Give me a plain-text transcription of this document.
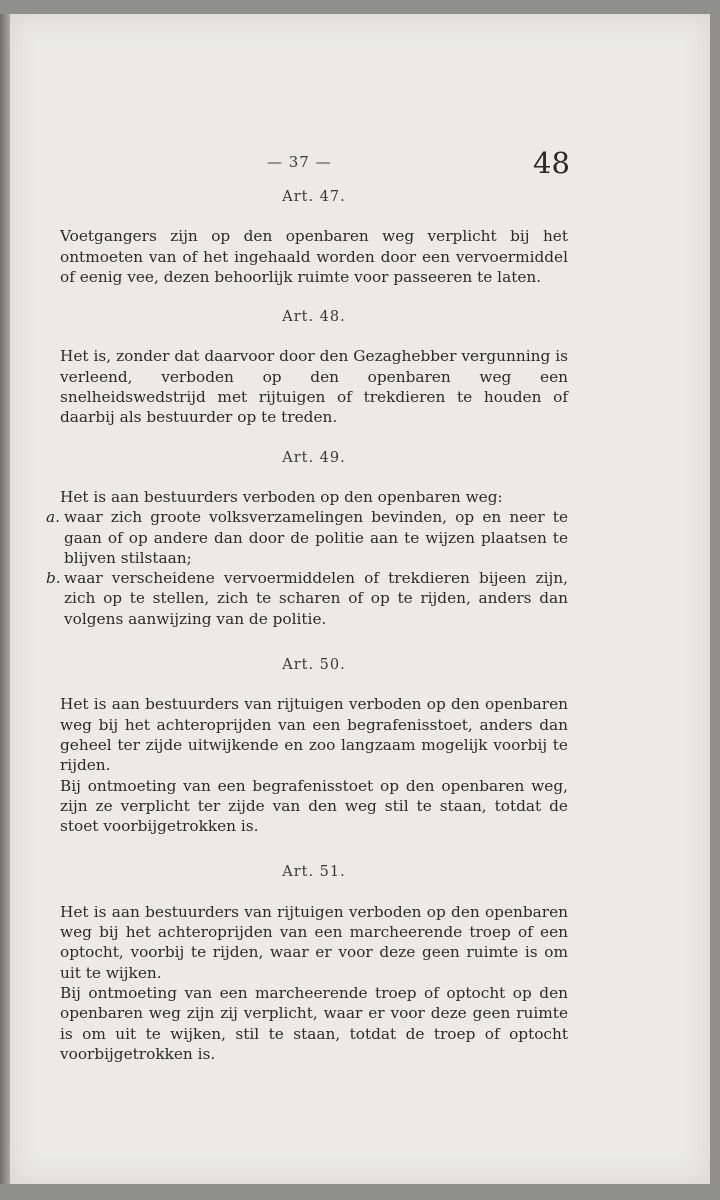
— 37 —	48
Art. 47.

Voetgangers zijn op den openbaren weg verplicht bij het ontmoeten van of het ingehaald worden door een vervoermiddel of eenig vee, dezen behoorlijk ruimte voor passeeren te laten.

Art. 48.

Het is, zonder dat daarvoor door den Gezaghebber vergunning is verleend, verboden op den openbaren weg een snelheidswedstrijd met rijtuigen of trekdieren te houden of daarbij als bestuurder op te treden.

Art. 49.

Het is aan bestuurders verboden op den openbaren weg:

a. waar zich groote volksverzamelingen bevinden, op en neer te gaan of op andere dan door de politie aan te wijzen plaatsen te blijven stilstaan;
b. waar verscheidene vervoermiddelen of trekdieren bijeen zijn, zich op te stellen, zich te scharen of op te rijden, anders dan volgens aanwijzing van de politie.
Art. 50.

Het is aan bestuurders van rijtuigen verboden op den openbaren weg bij het achteroprijden van een begrafenisstoet, anders dan geheel ter zijde uitwijkende en zoo langzaam mogelijk voorbij te rijden.

Bij ontmoeting van een begrafenisstoet op den openbaren weg, zijn ze verplicht ter zijde van den weg stil te staan, totdat de stoet voorbijgetrokken is.

Art. 51.

Het is aan bestuurders van rijtuigen verboden op den openbaren weg bij het achteroprijden van een marcheerende troep of een optocht, voorbij te rijden, waar er voor deze geen ruimte is om uit te wijken.

Bij ontmoeting van een marcheerende troep of optocht op den openbaren weg zijn zij verplicht, waar er voor deze geen ruimte is om uit te wijken, stil te staan, totdat de troep of optocht voorbijgetrokken is.
